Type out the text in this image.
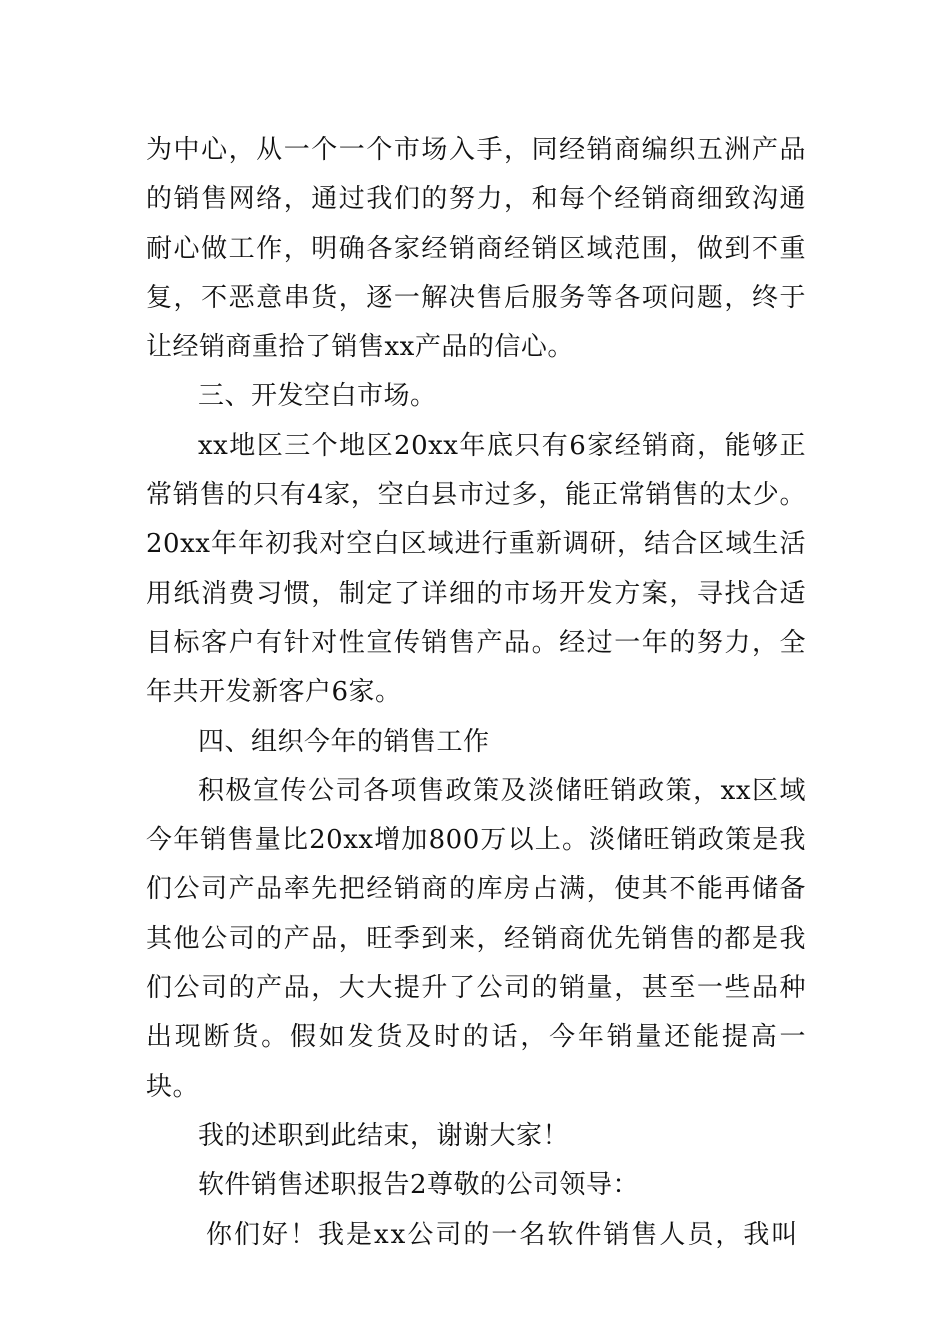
为中心，从一个一个市场入手，同经销商编织五洲产品的销售网络，通过我们的努力，和每个经销商细致沟通耐心做工作，明确各家经销商经销区域范围，做到不重复，不恶意串货，逐一解决售后服务等各项问题，终于让经销商重拾了销售xx产品的信心。

三、开发空白市场。

xx地区三个地区20xx年底只有6家经销商，能够正常销售的只有4家，空白县市过多，能正常销售的太少。20xx年年初我对空白区域进行重新调研，结合区域生活用纸消费习惯，制定了详细的市场开发方案，寻找合适目标客户有针对性宣传销售产品。经过一年的努力，全年共开发新客户6家。

四、组织今年的销售工作

积极宣传公司各项售政策及淡储旺销政策，xx区域今年销售量比20xx增加800万以上。淡储旺销政策是我们公司产品率先把经销商的库房占满，使其不能再储备其他公司的产品，旺季到来，经销商优先销售的都是我们公司的产品，大大提升了公司的销量，甚至一些品种出现断货。假如发货及时的话，今年销量还能提高一块。

我的述职到此结束，谢谢大家！

软件销售述职报告2尊敬的公司领导：

你们好！我是xx公司的一名软件销售人员，我叫
